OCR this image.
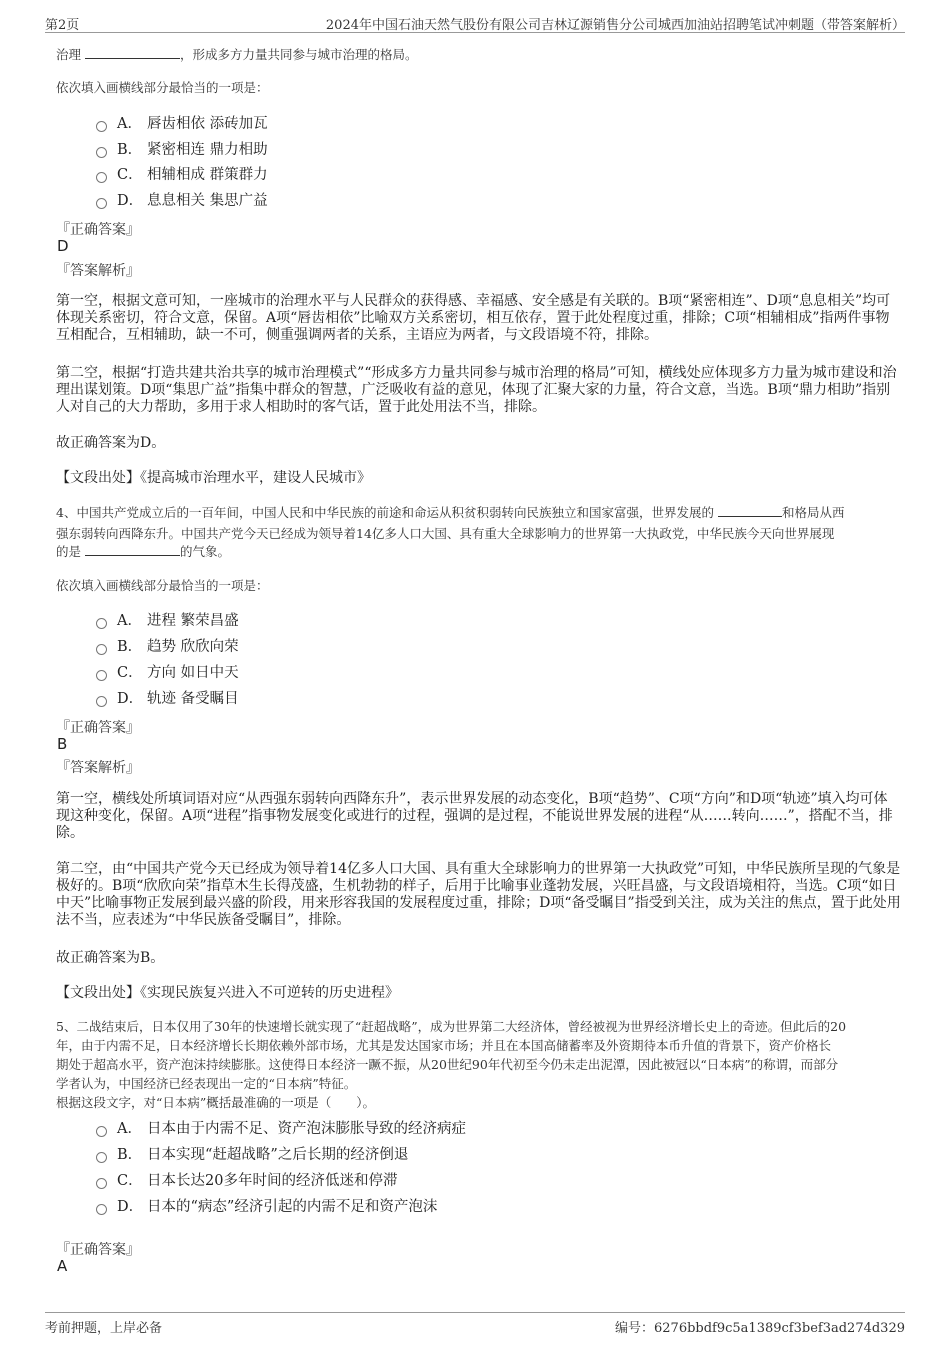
第2页	2024年中国石油天然气股份有限公司吉林辽源销售分公司城西加油站招聘笔试冲刺题（带答案解析）
治理	，形成多方力量共同参与城市治理的格局。
依次填入画横线部分最恰当的一项是：
A． 唇齿相依 添砖加瓦
B． 紧密相连 鼎力相助
C． 相辅相成 群策群力
D． 息息相关 集思广益
『正确答案』
D
『答案解析』
第一空，根据文意可知，一座城市的治理水平与人民群众的获得感、幸福感、安全感是有关联的。B项“紧密相连”、D项“息息相关”均可体现关系密切，符合文意，保留。A项“唇齿相依”比喻双方关系密切，相互依存，置于此处程度过重，排除；C项“相辅相成”指两件事物互相配合，互相辅助，缺一不可，侧重强调两者的关系，主语应为两者，与文段语境不符，排除。
第二空，根据“打造共建共治共享的城市治理模式”“形成多方力量共同参与城市治理的格局”可知，横线处应体现多方力量为城市建设和治理出谋划策。D项“集思广益”指集中群众的智慧，广泛吸收有益的意见，体现了汇聚大家的力量，符合文意，当选。B项“鼎力相助”指别人对自己的大力帮助，多用于求人相助时的客气话，置于此处用法不当，排除。
故正确答案为D。
【文段出处】《提高城市治理水平，建设人民城市》
4、中国共产党成立后的一百年间，中国人民和中华民族的前途和命运从积贫积弱转向民族独立和国家富强，世界发展的	和格局从西
强东弱转向西降东升。中国共产党今天已经成为领导着14亿多人口大国、具有重大全球影响力的世界第一大执政党，中华民族今天向世界展现
的是	的气象。
依次填入画横线部分最恰当的一项是：
A． 进程 繁荣昌盛
B． 趋势 欣欣向荣
C． 方向 如日中天
D． 轨迹 备受瞩目
『正确答案』
B
『答案解析』
第一空，横线处所填词语对应“从西强东弱转向西降东升”，表示世界发展的动态变化，B项“趋势”、C项“方向”和D项“轨迹”填入均可体现这种变化，保留。A项“进程”指事物发展变化或进行的过程，强调的是过程，不能说世界发展的进程“从……转向……”，搭配不当，排除。
第二空，由“中国共产党今天已经成为领导着14亿多人口大国、具有重大全球影响力的世界第一大执政党”可知，中华民族所呈现的气象是极好的。B项“欣欣向荣”指草木生长得茂盛，生机勃勃的样子，后用于比喻事业蓬勃发展，兴旺昌盛，与文段语境相符，当选。C项“如日中天”比喻事物正发展到最兴盛的阶段，用来形容我国的发展程度过重，排除；D项“备受瞩目”指受到关注，成为关注的焦点，置于此处用法不当，应表述为“中华民族备受瞩目”，排除。
故正确答案为B。
【文段出处】《实现民族复兴进入不可逆转的历史进程》
5、二战结束后，日本仅用了30年的快速增长就实现了“赶超战略”，成为世界第二大经济体，曾经被视为世界经济增长史上的奇迹。但此后的20
年，由于内需不足，日本经济增长长期依赖外部市场，尤其是发达国家市场；并且在本国高储蓄率及外资期待本币升值的背景下，资产价格长
期处于超高水平，资产泡沫持续膨胀。这使得日本经济一蹶不振，从20世纪90年代初至今仍未走出泥潭，因此被冠以“日本病”的称谓，而部分
学者认为，中国经济已经表现出一定的“日本病”特征。
根据这段文字，对“日本病”概括最准确的一项是（　　）。
A． 日本由于内需不足、资产泡沫膨胀导致的经济病症
B． 日本实现“赶超战略”之后长期的经济倒退
C． 日本长达20多年时间的经济低迷和停滞
D． 日本的“病态”经济引起的内需不足和资产泡沫
『正确答案』
A
考前押题，上岸必备	编号：6276bbdf9c5a1389cf3bef3ad274d329
